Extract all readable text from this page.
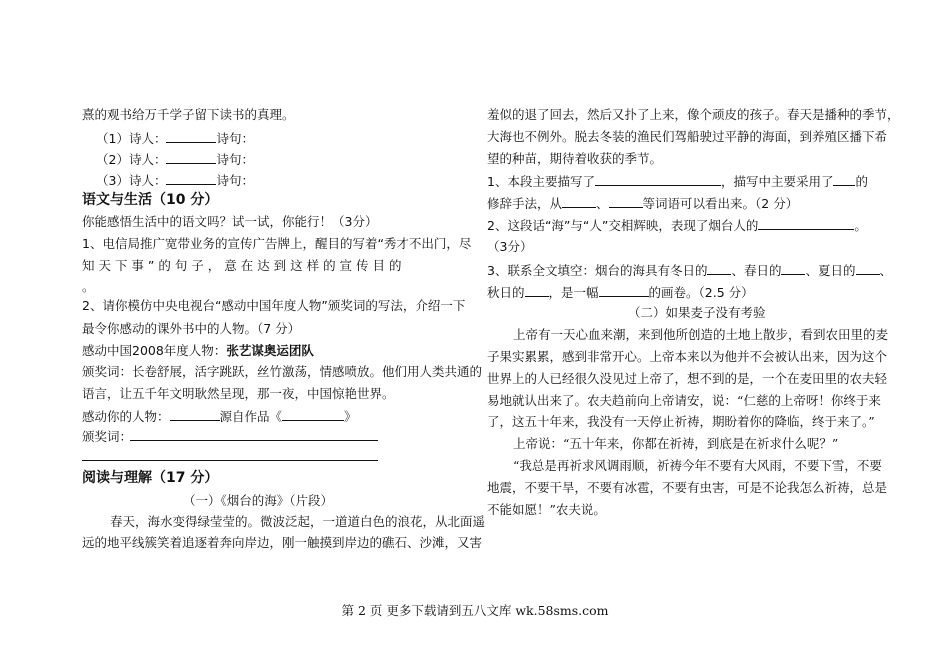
熹的观书给万千学子留下读书的真理。
（1）诗人：	诗句：
（2）诗人：	诗句：
（3）诗人：	诗句：
语文与生活（10 分）
你能感悟生活中的语文吗？试一试，你能行！（3分）
1、电信局推广宽带业务的宣传广告牌上，醒目的写着“秀才不出门，尽
知 天 下 事 ” 的 句 子 ， 意 在 达 到 这 样 的 宣 传 目 的
。
2、请你模仿中央电视台“感动中国年度人物”颁奖词的写法，介绍一下
最令你感动的课外书中的人物。（7 分）
感动中国2008年度人物：张艺谋奥运团队
颁奖词：长卷舒展，活字跳跃，丝竹激荡，情感喷放。他们用人类共通的
语言，让五千年文明耿然呈现，那一夜，中国惊艳世界。
感动你的人物：	源自作品《	》
颁奖词：
阅读与理解（17 分）
（一）《烟台的海》（片段）
春天，海水变得绿莹莹的。微波泛起，一道道白色的浪花，从北面遥
远的地平线簇笑着追逐着奔向岸边，刚一触摸到岸边的礁石、沙滩，又害
羞似的退了回去，然后又扑了上来，像个顽皮的孩子。春天是播种的季节，
大海也不例外。脱去冬装的渔民们驾船驶过平静的海面，到养殖区播下希
望的种苗，期待着收获的季节。
1、本段主要描写了	，描写中主要采用了 的
修辞手法，从	、	等词语可以看出来。（2 分）
2、这段话“海”与“人”交相辉映，表现了烟台人的	。
（3分）
3、联系全文填空：烟台的海具有冬日的 、春日的 、夏日的 、
秋日的 ，是一幅	的画卷。（2.5 分）
（二）如果麦子没有考验
上帝有一天心血来潮，来到他所创造的土地上散步，看到农田里的麦
子果实累累，感到非常开心。上帝本来以为他并不会被认出来，因为这个
世界上的人已经很久没见过上帝了，想不到的是，一个在麦田里的农夫轻
易地就认出来了。农夫趋前向上帝请安，说：“仁慈的上帝呀！你终于来
了，这五十年来，我没有一天停止祈祷，期盼着你的降临，终于来了。”
上帝说：“五十年来，你都在祈祷，到底是在祈求什么呢？”
“我总是再祈求风调雨顺，祈祷今年不要有大风雨，不要下雪，不要
地震，不要干旱，不要有冰雹，不要有虫害，可是不论我怎么祈祷，总是
不能如愿！”农夫说。
第 2 页 更多下载请到五八文库 wk.58sms.com
